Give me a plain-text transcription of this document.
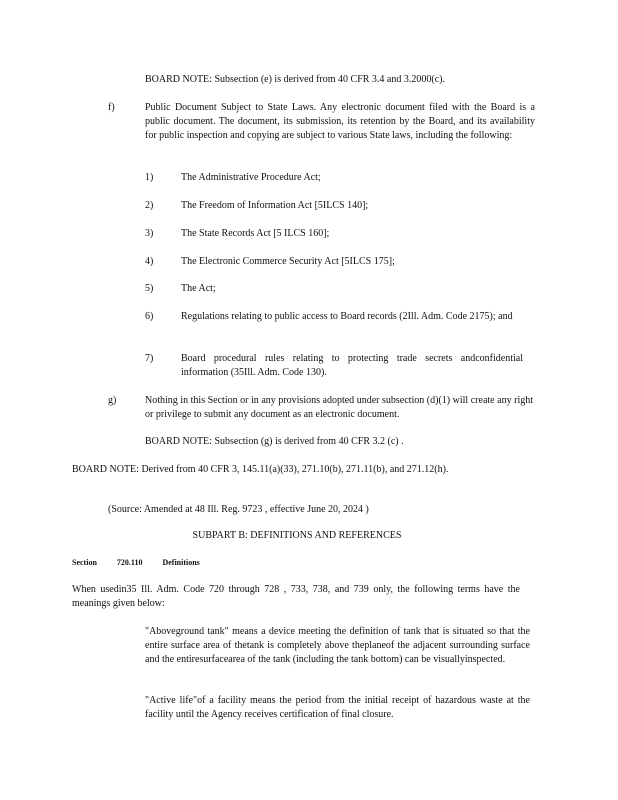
BOARD NOTE: Subsection (e) is derived from 40 CFR 3.4 and 3.2000(c).

f)	Public Document Subject to State Laws. Any electronic document filed with the Board is a public document. The document, its submission, its retention by the Board, and its availability for public inspection and copying are subject to various State laws, including the following:

1)	The Administrative Procedure Act;

2)	The Freedom of Information Act [5ILCS 140];

3)	The State Records Act [5 ILCS 160];

4)	The Electronic Commerce Security Act [5ILCS 175];

5)	The Act;

6)	Regulations relating to public access to Board records (2Ill. Adm. Code 2175); and

7)	Board procedural rules relating to protecting trade secrets andconfidential information (35Ill. Adm. Code 130).

g)	Nothing in this Section or in any provisions adopted under subsection (d)(1) will create any right or privilege to submit any document as an electronic document.

BOARD NOTE: Subsection (g) is derived from 40 CFR 3.2 (c) .

BOARD NOTE: Derived from 40 CFR 3, 145.11(a)(33), 271.10(b), 271.11(b), and 271.12(h).

(Source: Amended at 48 Ill. Reg. 9723 , effective June 20, 2024 )

SUBPART B: DEFINITIONS AND REFERENCES

Section	720.110	Definitions

When usedin35 Ill. Adm. Code 720 through 728 , 733, 738, and 739 only, the following terms have the meanings given below:

"Aboveground tank" means a device meeting the definition of tank that is situated so that the entire surface area of thetank is completely above theplaneof the adjacent surrounding surface and the entiresurfacearea of the tank (including the tank bottom) can be visuallyinspected.

"Active life"of a facility means the period from the initial receipt of hazardous waste at the facility until the Agency receives certification of final closure.
